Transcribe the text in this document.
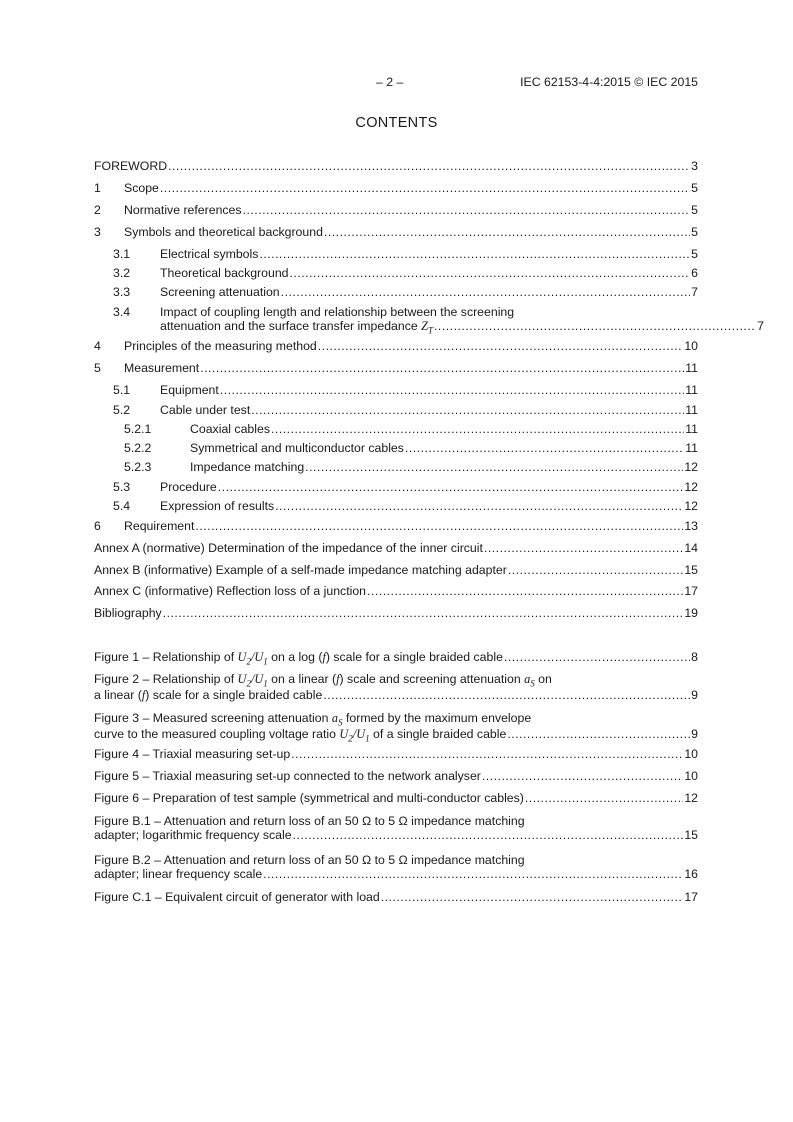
– 2 –	IEC 62153-4-4:2015 © IEC 2015
CONTENTS
FOREWORD .....	3
1	Scope .....	5
2	Normative references .....	5
3	Symbols and theoretical background .....	5
3.1	Electrical symbols .....	5
3.2	Theoretical background .....	6
3.3	Screening attenuation .....	7
3.4 Impact of coupling length and relationship between the screening
attenuation and the surface transfer impedance $Z_T$ .....	7
4	Principles of the measuring method .....	10
5	Measurement .....	11
5.1	Equipment .....	11
5.2	Cable under test .....	11
5.2.1	Coaxial cables .....	11
5.2.2	Symmetrical and multiconductor cables .....	11
5.2.3	Impedance matching .....	12
5.3	Procedure .....	12
5.4	Expression of results .....	12
6	Requirement .....	13
Annex A (normative) Determination of the impedance of the inner circuit .....	14
Annex B (informative) Example of a self-made impedance matching adapter .....	15
Annex C (informative) Reflection loss of a junction .....	17
Bibliography .....	19
Figure 1 – Relationship of $U_2/U_1$ on a log (f) scale for a single braided cable .....	8
Figure 2 – Relationship of $U_2/U_1$ on a linear (f) scale and screening attenuation $a_S$ on
a linear (f) scale for a single braided cable .....	9
Figure 3 – Measured screening attenuation $a_S$ formed by the maximum envelope
curve to the measured coupling voltage ratio $U_2/U_1$ of a single braided cable .....	9
Figure 4 – Triaxial measuring set-up .....	10
Figure 5 – Triaxial measuring set-up connected to the network analyser .....	10
Figure 6 – Preparation of test sample (symmetrical and multi-conductor cables) .....	12
Figure B.1 – Attenuation and return loss of an 50 Ω to 5 Ω impedance matching
adapter; logarithmic frequency scale .....	15
Figure B.2 – Attenuation and return loss of an 50 Ω to 5 Ω impedance matching
adapter; linear frequency scale .....	16
Figure C.1 – Equivalent circuit of generator with load .....	17
